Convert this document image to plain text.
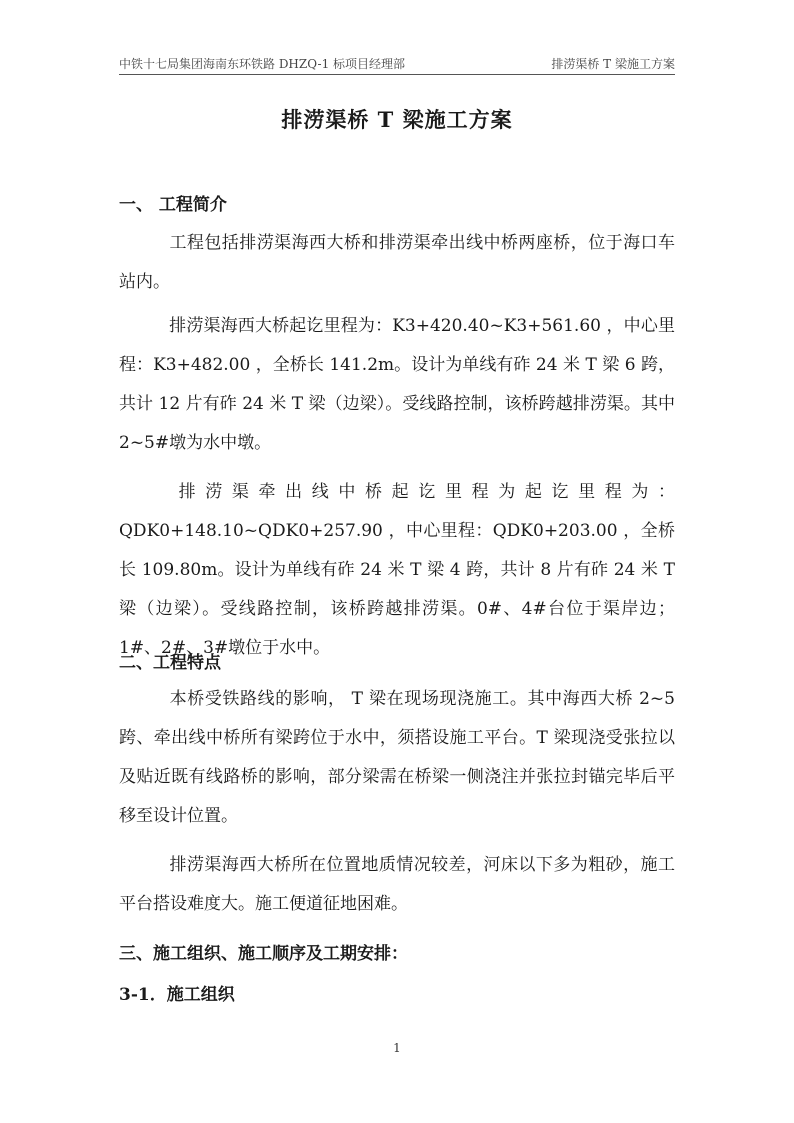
中铁十七局集团海南东环铁路 DHZQ-1 标项目经理部	排涝渠桥 T 梁施工方案
排涝渠桥 T 梁施工方案
一、 工程简介

工程包括排涝渠海西大桥和排涝渠牵出线中桥两座桥，位于海口车站内。

排涝渠海西大桥起讫里程为：K3+420.40~K3+561.60 ，中心里程：K3+482.00 ，全桥长 141.2m。设计为单线有砟 24 米 T 梁 6 跨，共计 12 片有砟 24 米 T 梁（边梁）。受线路控制，该桥跨越排涝渠。其中 2~5#墩为水中墩。

排涝渠牵出线中桥起讫里程为起讫里程为：QDK0+148.10~QDK0+257.90 ，中心里程：QDK0+203.00 ，全桥长 109.80m。设计为单线有砟 24 米 T 梁 4 跨，共计 8 片有砟 24 米 T 梁（边梁）。受线路控制，该桥跨越排涝渠。0#、4#台位于渠岸边；1#、2#、3#墩位于水中。

二、工程特点

本桥受铁路线的影响， T 梁在现场现浇施工。其中海西大桥 2~5 跨、牵出线中桥所有梁跨位于水中，须搭设施工平台。T 梁现浇受张拉以及贴近既有线路桥的影响，部分梁需在桥梁一侧浇注并张拉封锚完毕后平移至设计位置。

排涝渠海西大桥所在位置地质情况较差，河床以下多为粗砂，施工平台搭设难度大。施工便道征地困难。

三、施工组织、施工顺序及工期安排：
3-1．施工组织
1
